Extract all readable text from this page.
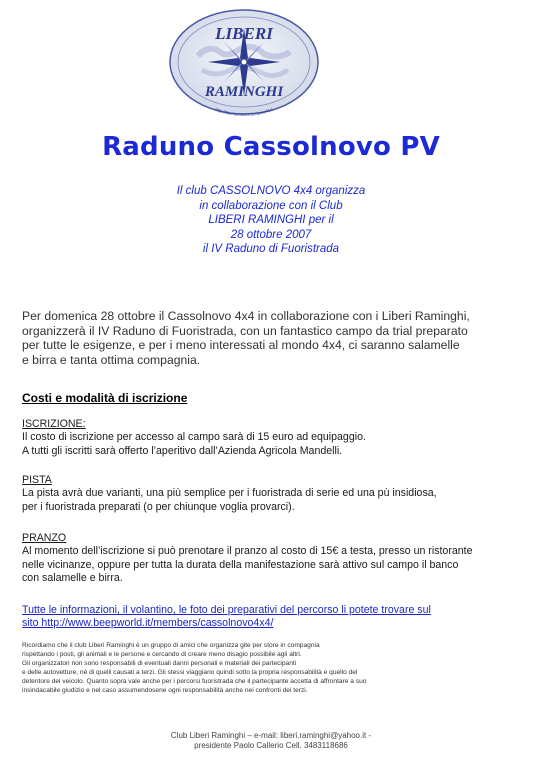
LIBERI
RAMINGHI
http://liberiraminghi.beepworld.it
Raduno Cassolnovo PV
Il club CASSOLNOVO 4x4 organizza
in collaborazione con il Club
LIBERI RAMINGHI per il
28 ottobre 2007
il IV Raduno di Fuoristrada
Per domenica 28 ottobre il Cassolnovo 4x4 in collaborazione con i Liberi Raminghi,
organizzerà il IV Raduno di Fuoristrada, con un fantastico campo da trial preparato
per tutte le esigenze, e per i meno interessati al mondo 4x4, ci saranno salamelle
e birra e tanta ottima compagnia.
Costi e modalità di iscrizione
ISCRIZIONE:
Il costo di iscrizione per accesso al campo sarà di 15 euro ad equipaggio.
A tutti gli iscritti sarà offerto l’aperitivo dall’Azienda Agricola Mandelli.
PISTA
La pista avrà due varianti, una più semplice per i fuoristrada di serie ed una pù insidiosa,
per i fuoristrada preparati (o per chiunque voglia provarci).
PRANZO
Al momento dell’iscrizione si può prenotare il pranzo al costo di 15€ a testa, presso un ristorante
nelle vicinanze, oppure per tutta la durata della manifestazione sarà attivo sul campo il banco
con salamelle e birra.
Tutte le informazioni, il volantino, le foto dei preparativi del percorso li potete trovare sul
sito http://www.beepworld.it/members/cassolnovo4x4/
Ricordiamo che il club Liberi Raminghi è un gruppo di amici che organizza gite per store in compagnia
rispettando i posti, gli animali e le persone e cercando di creare meno disagio possibile agli altri.
Gli organizzatori non sono responsabili di eventuali danni personali e materiali dei partecipanti
e delle autovetture, né di quelli causati a terzi. Gli stessi viaggiano quindi sotto la propria responsabilità e quello del
detentore del veicolo. Quanto sopra vale anche per i percorsi fuoristrada che il partecipante accetta di affrontare a suo
insindacabile giudizio e nel caso assumendosene ogni responsabilità anche nei confronti dei terzi.
Club Liberi Raminghi – e-mail: liberi.raminghi@yahoo.it -
presidente Paolo Callerio Cell. 3483118686
